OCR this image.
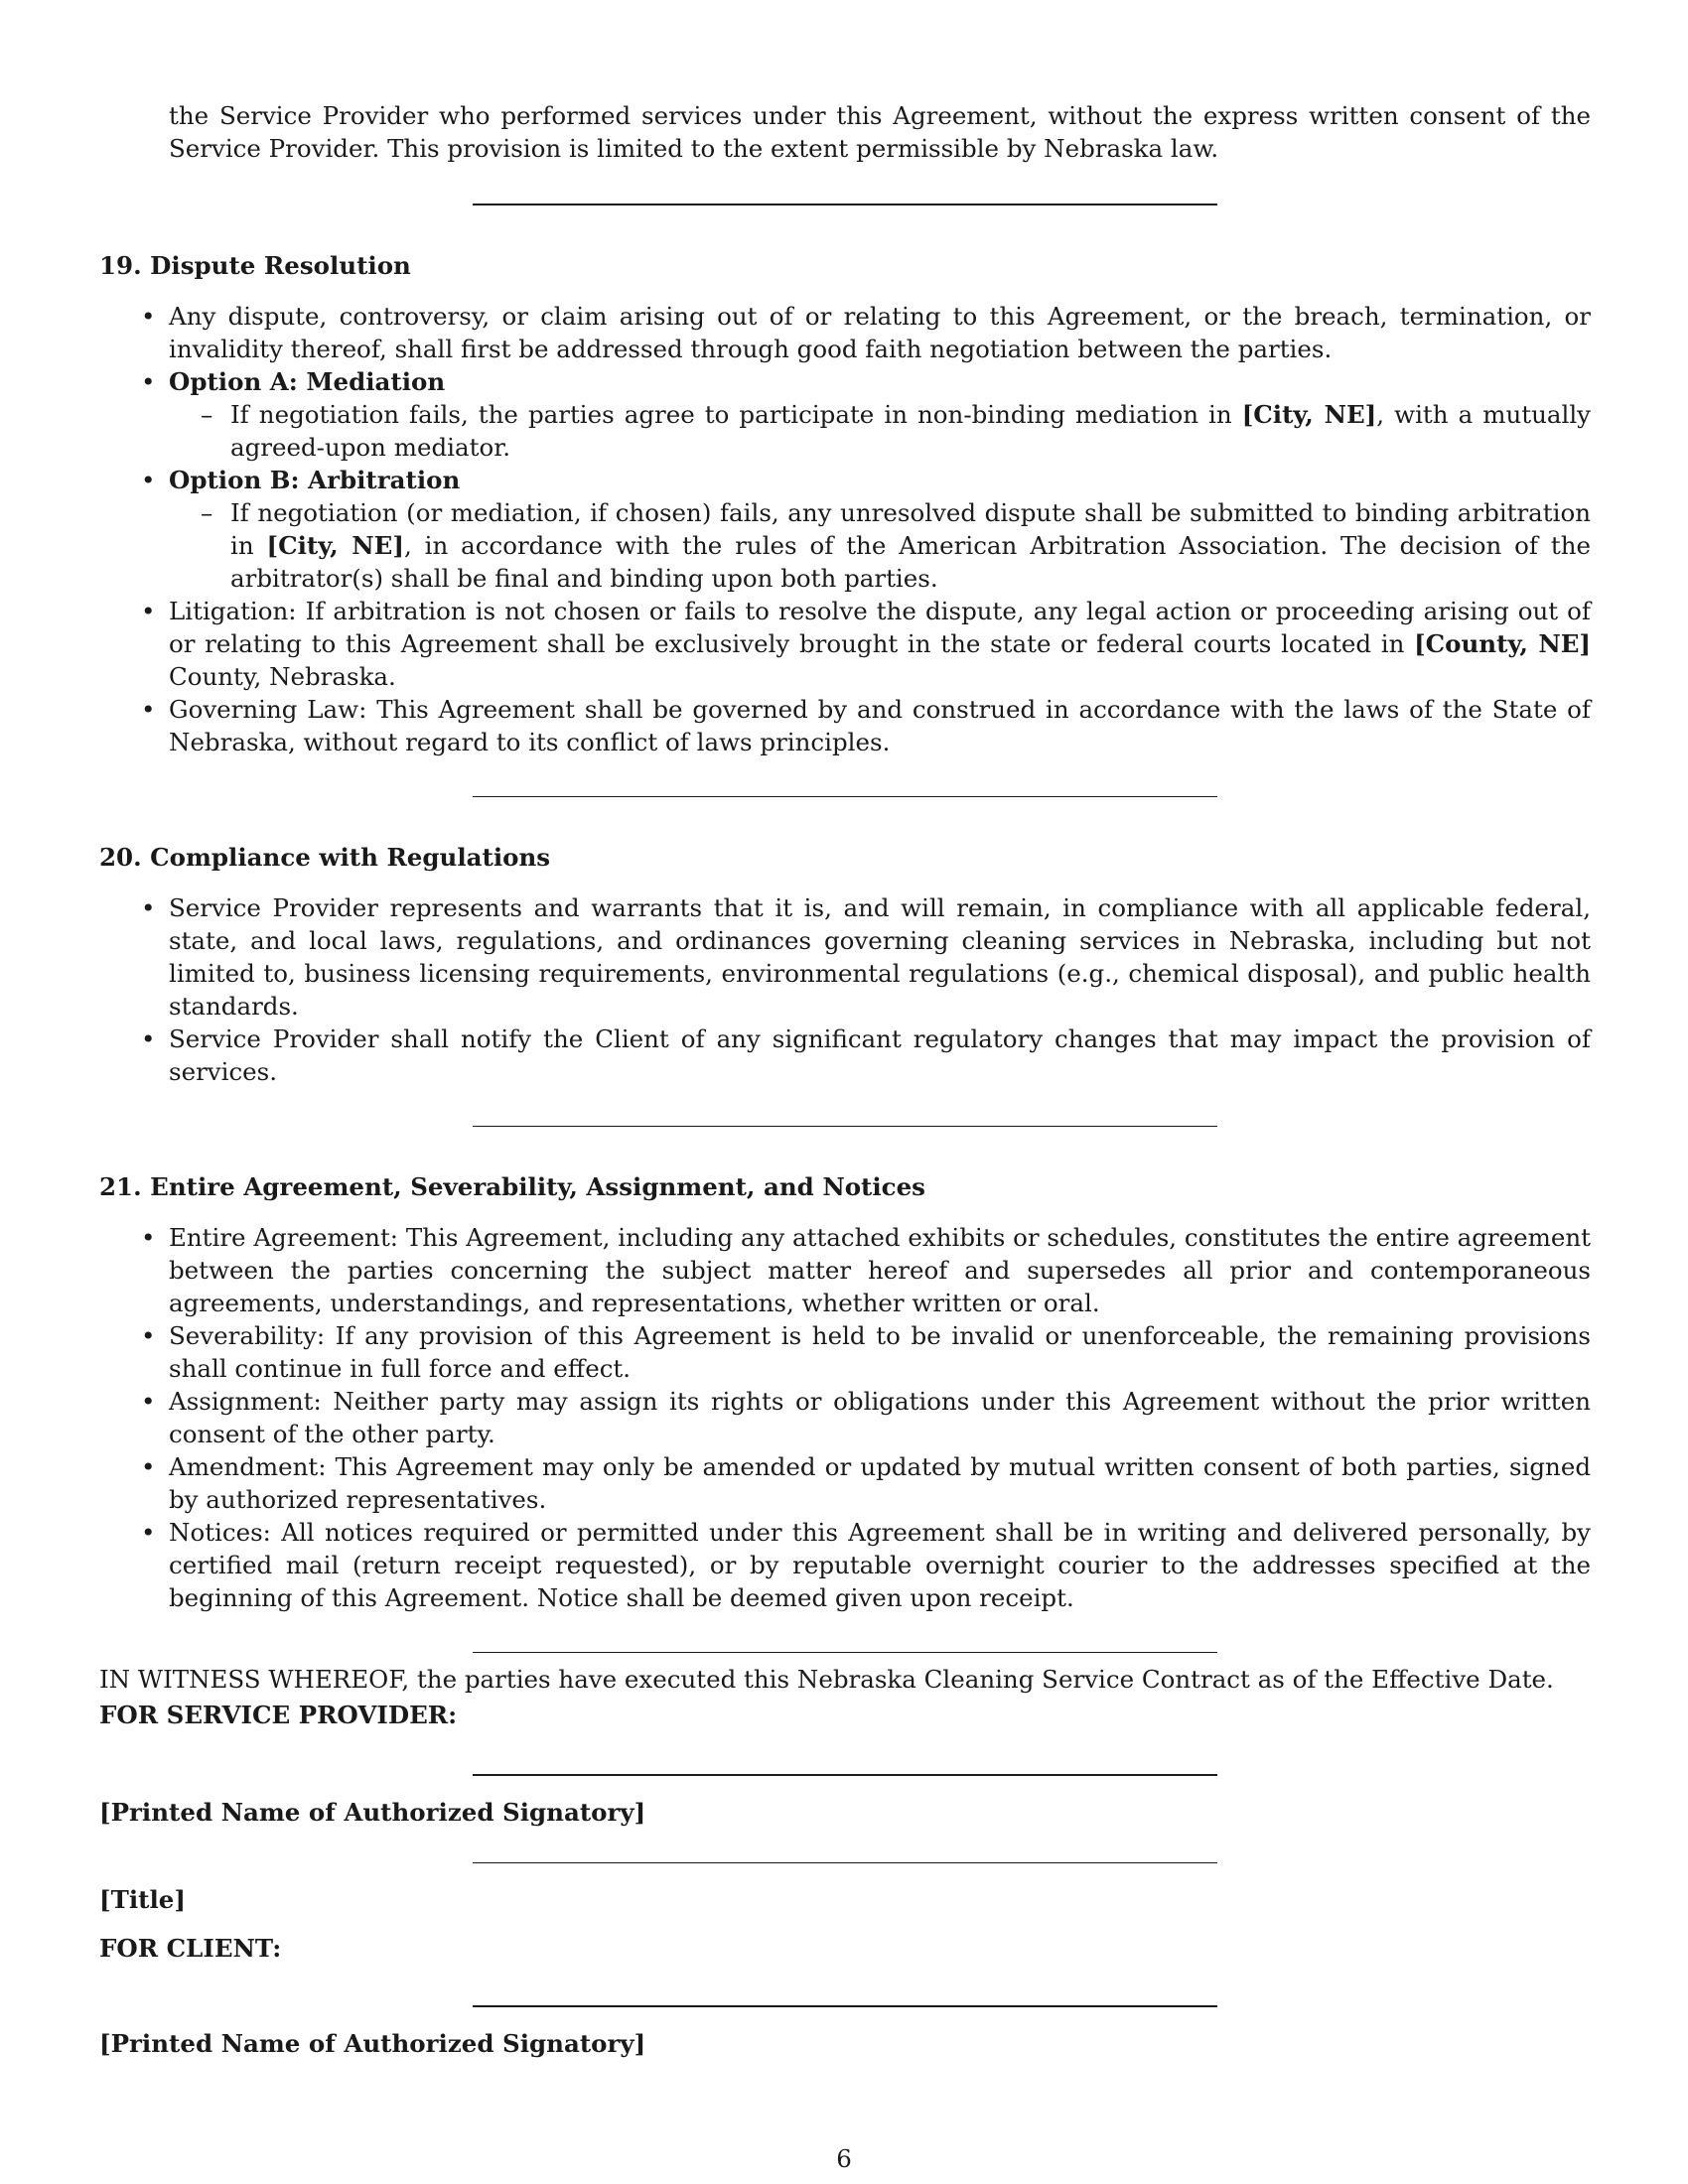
the Service Provider who performed services under this Agreement, without the express written consent of the Service Provider. This provision is limited to the extent permissible by Nebraska law.

19. Dispute Resolution
• Any dispute, controversy, or claim arising out of or relating to this Agreement, or the breach, termination, or invalidity thereof, shall first be addressed through good faith negotiation between the parties.
• Option A: Mediation
– If negotiation fails, the parties agree to participate in non-binding mediation in [City, NE], with a mutually agreed-upon mediator.
• Option B: Arbitration
– If negotiation (or mediation, if chosen) fails, any unresolved dispute shall be submitted to binding arbitration in [City, NE], in accordance with the rules of the American Arbitration Association. The decision of the arbitrator(s) shall be final and binding upon both parties.
• Litigation: If arbitration is not chosen or fails to resolve the dispute, any legal action or proceeding arising out of or relating to this Agreement shall be exclusively brought in the state or federal courts located in [County, NE] County, Nebraska.
• Governing Law: This Agreement shall be governed by and construed in accordance with the laws of the State of Nebraska, without regard to its conflict of laws principles.
20. Compliance with Regulations
• Service Provider represents and warrants that it is, and will remain, in compliance with all applicable federal, state, and local laws, regulations, and ordinances governing cleaning services in Nebraska, including but not limited to, business licensing requirements, environmental regulations (e.g., chemical disposal), and public health standards.
• Service Provider shall notify the Client of any significant regulatory changes that may impact the provision of services.
21. Entire Agreement, Severability, Assignment, and Notices
• Entire Agreement: This Agreement, including any attached exhibits or schedules, constitutes the entire agreement between the parties concerning the subject matter hereof and supersedes all prior and contemporaneous agreements, understandings, and representations, whether written or oral.
• Severability: If any provision of this Agreement is held to be invalid or unenforceable, the remaining provisions shall continue in full force and effect.
• Assignment: Neither party may assign its rights or obligations under this Agreement without the prior written consent of the other party.
• Amendment: This Agreement may only be amended or updated by mutual written consent of both parties, signed by authorized representatives.
• Notices: All notices required or permitted under this Agreement shall be in writing and delivered personally, by certified mail (return receipt requested), or by reputable overnight courier to the addresses specified at the beginning of this Agreement. Notice shall be deemed given upon receipt.

IN WITNESS WHEREOF, the parties have executed this Nebraska Cleaning Service Contract as of the Effective Date.

FOR SERVICE PROVIDER:

[Printed Name of Authorized Signatory]

[Title]

FOR CLIENT:

[Printed Name of Authorized Signatory]

6
